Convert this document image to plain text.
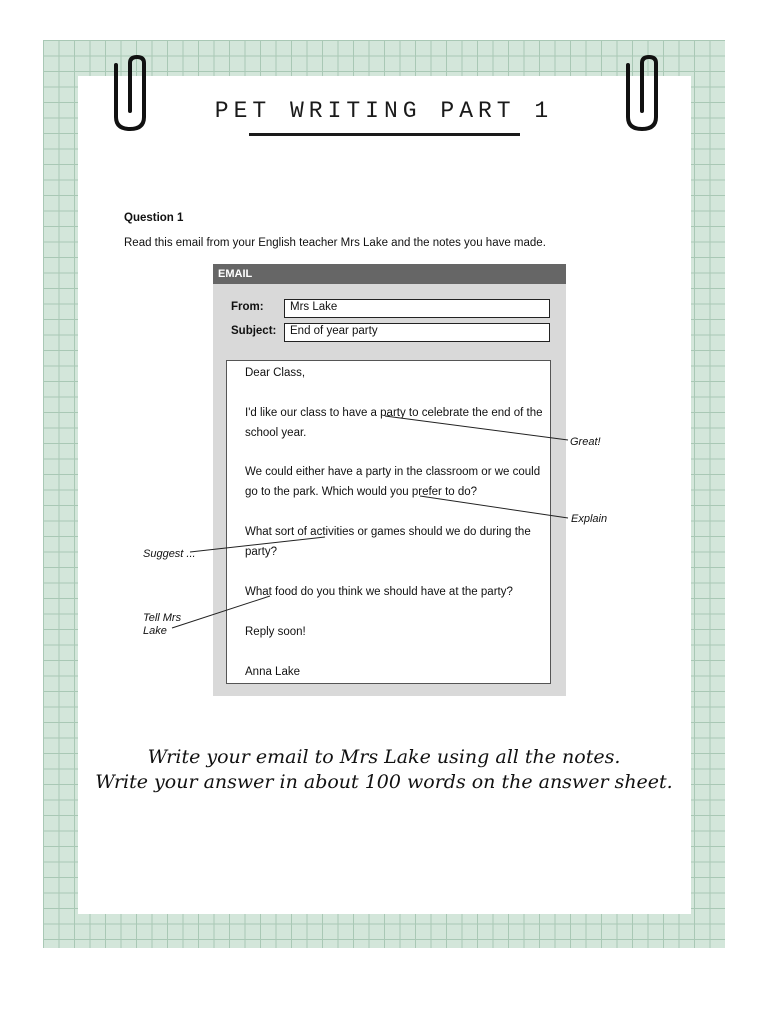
PET WRITING PART 1
Question 1
Read this email from your English teacher Mrs Lake and the notes you have made.
EMAIL
From:	Mrs Lake
Subject:	End of year party
Dear Class,
I'd like our class to have a party to celebrate the end of the
school year.
We could either have a party in the classroom or we could
go to the park. Which would you prefer to do?
What sort of activities or games should we do during the
party?
What food do you think we should have at the party?
Reply soon!
Anna Lake
Great!
Explain
Suggest ...
Tell Mrs
Lake
Write your email to Mrs Lake using all the notes.
Write your answer in about 100 words on the answer sheet.
